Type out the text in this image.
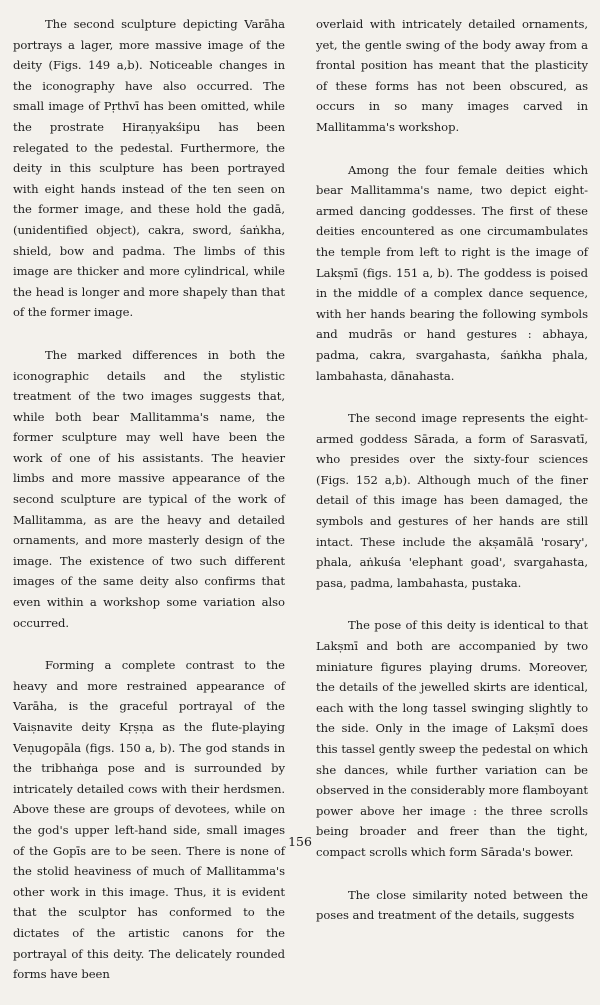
The second sculpture depicting Varāha portrays a lager, more massive image of the deity (Figs. 149 a,b). Noticeable changes in the iconography have also occurred. The small image of Pṛthvī has been omitted, while the prostrate Hiraṇyakśipu has been relegated to the pedestal. Furthermore, the deity in this sculpture has been portrayed with eight hands instead of the ten seen on the former image, and these hold the gadā, (unidentified object), cakra, sword, śaṅkha, shield, bow and padma. The limbs of this image are thicker and more cylindrical, while the head is longer and more shapely than that of the former image.

The marked differences in both the iconographic details and the stylistic treatment of the two images suggests that, while both bear Mallitamma's name, the former sculpture may well have been the work of one of his assistants. The heavier limbs and more massive appearance of the second sculpture are typical of the work of Mallitamma, as are the heavy and detailed ornaments, and more masterly design of the image. The existence of two such different images of the same deity also confirms that even within a workshop some variation also occurred.

Forming a complete contrast to the heavy and more restrained appearance of Varāha, is the graceful portrayal of the Vaiṣnavite deity Kṛṣṇa as the flute-playing Veṇugopāla (figs. 150 a, b). The god stands in the tribhaṅga pose and is surrounded by intricately detailed cows with their herdsmen. Above these are groups of devotees, while on the god's upper left-hand side, small images of the Gopīs are to be seen. There is none of the stolid heaviness of much of Mallitamma's other work in this image. Thus, it is evident that the sculptor has conformed to the dictates of the artistic canons for the portrayal of this deity. The delicately rounded forms have been

overlaid with intricately detailed ornaments, yet, the gentle swing of the body away from a frontal position has meant that the plasticity of these forms has not been obscured, as occurs in so many images carved in Mallitamma's workshop.

Among the four female deities which bear Mallitamma's name, two depict eight-armed dancing goddesses. The first of these deities encountered as one circumambulates the temple from left to right is the image of Lakṣmī (figs. 151 a, b). The goddess is poised in the middle of a complex dance sequence, with her hands bearing the following symbols and mudrās or hand gestures : abhaya, padma, cakra, svargahasta, śaṅkha phala, lambahasta, dānahasta.

The second image represents the eight-armed goddess Sārada, a form of Sarasvatī, who presides over the sixty-four sciences (Figs. 152 a,b). Although much of the finer detail of this image has been damaged, the symbols and gestures of her hands are still intact. These include the akṣamālā 'rosary', phala, aṅkuśa 'elephant goad', svargahasta, pasa, padma, lambahasta, pustaka.

The pose of this deity is identical to that Lakṣmī and both are accompanied by two miniature figures playing drums. Moreover, the details of the jewelled skirts are identical, each with the long tassel swinging slightly to the side. Only in the image of Lakṣmī does this tassel gently sweep the pedestal on which she dances, while further variation can be observed in the considerably more flamboyant power above her image : the three scrolls being broader and freer than the tight, compact scrolls which form Sārada's bower.

The close similarity noted between the poses and treatment of the details, suggests

156
